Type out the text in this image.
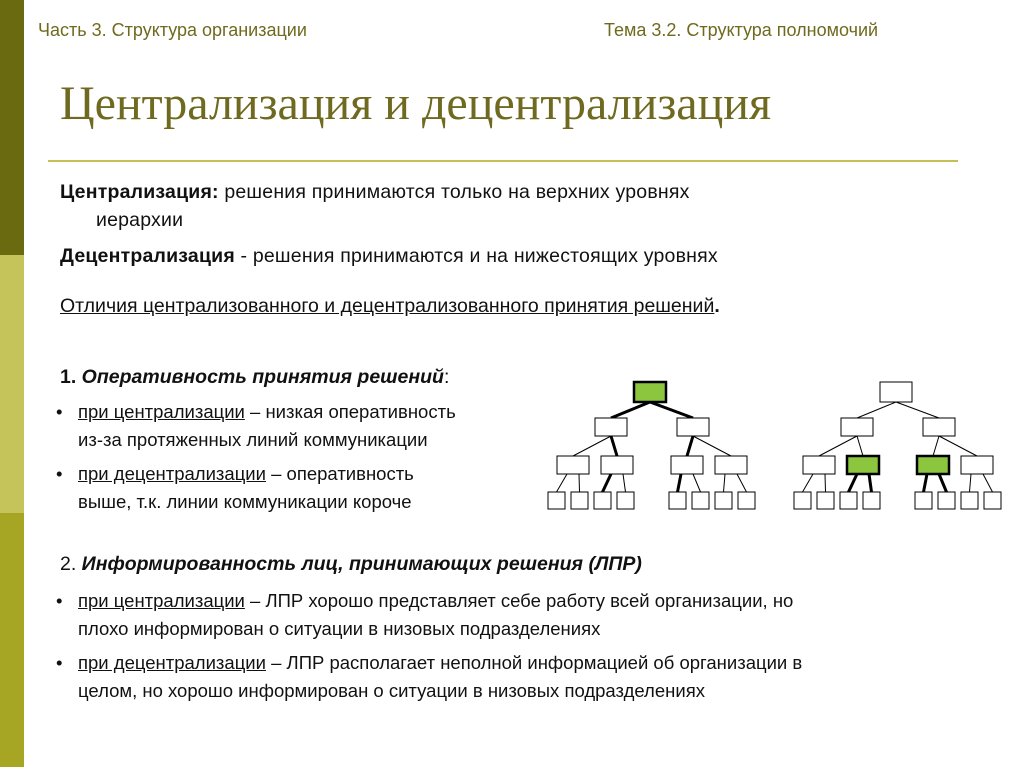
Часть 3. Структура организации	Тема 3.2. Структура полномочий
Централизация и децентрализация
Централизация: решения принимаются только на верхних уровнях
иерархии
Децентрализация - решения принимаются и на нижестоящих уровнях
Отличия централизованного и децентрализованного принятия решений.
1. Оперативность принятия решений:
• при централизации – низкая оперативность
из-за протяженных линий коммуникации
• при децентрализации – оперативность
выше, т.к. линии коммуникации короче
2. Информированность лиц, принимающих решения (ЛПР)
• при централизации – ЛПР хорошо представляет себе работу всей организации, но
плохо информирован о ситуации в низовых подразделениях
• при децентрализации – ЛПР располагает неполной информацией об организации в
целом, но хорошо информирован о ситуации в низовых подразделениях
